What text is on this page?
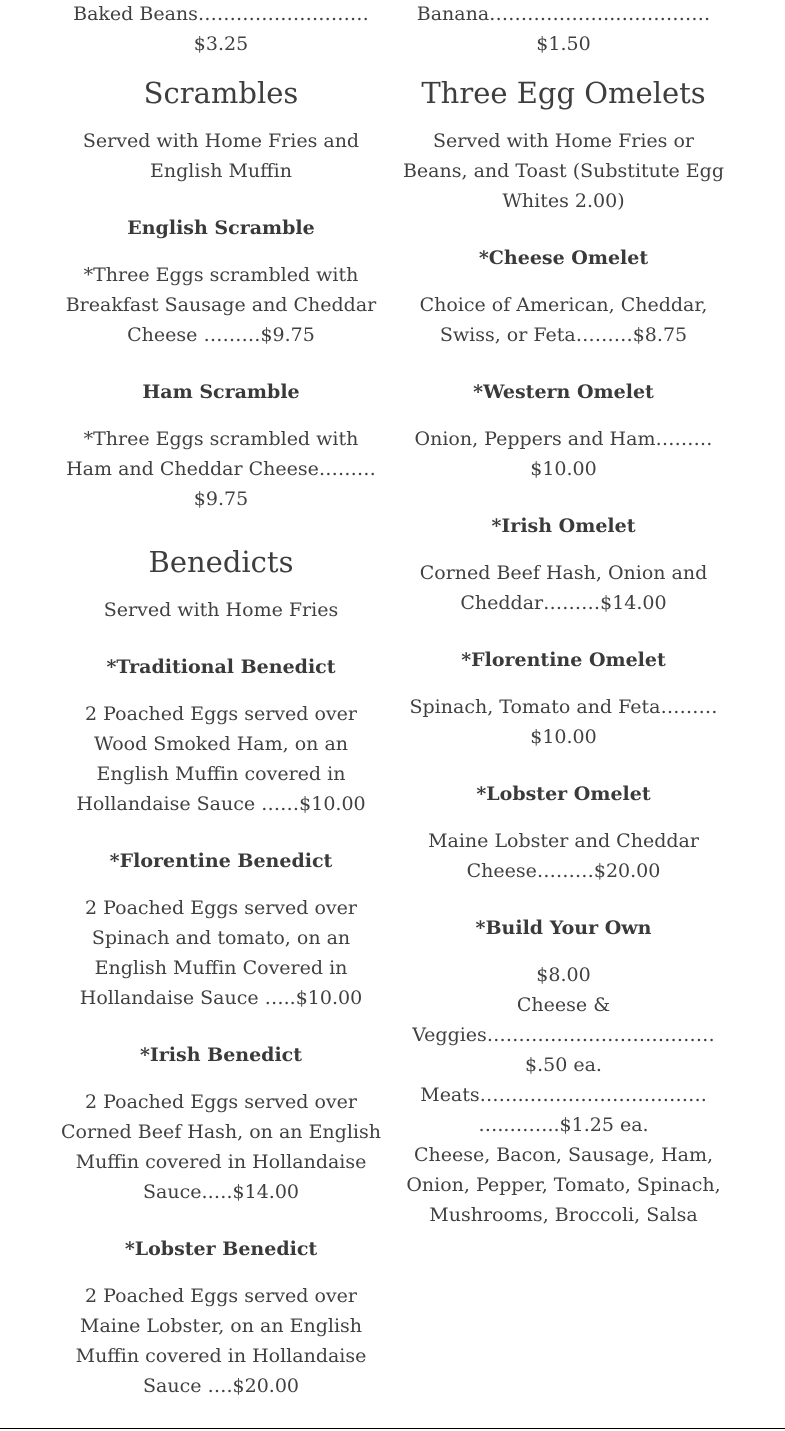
Baked Beans………………………

$3.25

Scrambles

Served with Home Fries and English Muffin

English Scramble

*Three Eggs scrambled with Breakfast Sausage and Cheddar Cheese ………$9.75

Ham Scramble

*Three Eggs scrambled with Ham and Cheddar Cheese………$9.75

Benedicts

Served with Home Fries

*Traditional Benedict

2 Poached Eggs served over Wood Smoked Ham, on an English Muffin covered in Hollandaise Sauce ……$10.00

*Florentine Benedict

2 Poached Eggs served over Spinach and tomato, on an English Muffin Covered in Hollandaise Sauce …..$10.00

*Irish Benedict

2 Poached Eggs served over Corned Beef Hash, on an English Muffin covered in Hollandaise Sauce.….$14.00

*Lobster Benedict

2 Poached Eggs served over Maine Lobster, on an English Muffin covered in Hollandaise Sauce ….$20.00

Banana………………..……………

$1.50

Three Egg Omelets

Served with Home Fries or Beans, and Toast (Substitute Egg Whites 2.00)

*Cheese Omelet

Choice of American, Cheddar, Swiss, or Feta………$8.75

*Western Omelet

Onion, Peppers and Ham……… $10.00

*Irish Omelet

Corned Beef Hash, Onion and Cheddar………$14.00

*Florentine Omelet

Spinach, Tomato and Feta……… $10.00

*Lobster Omelet

Maine Lobster and Cheddar Cheese………$20.00

*Build Your Own

$8.00

Cheese &

Veggies………………………………

$.50 ea.

Meats……..……………………….

…..……..$1.25 ea.

Cheese, Bacon, Sausage, Ham, Onion, Pepper, Tomato, Spinach, Mushrooms, Broccoli, Salsa
